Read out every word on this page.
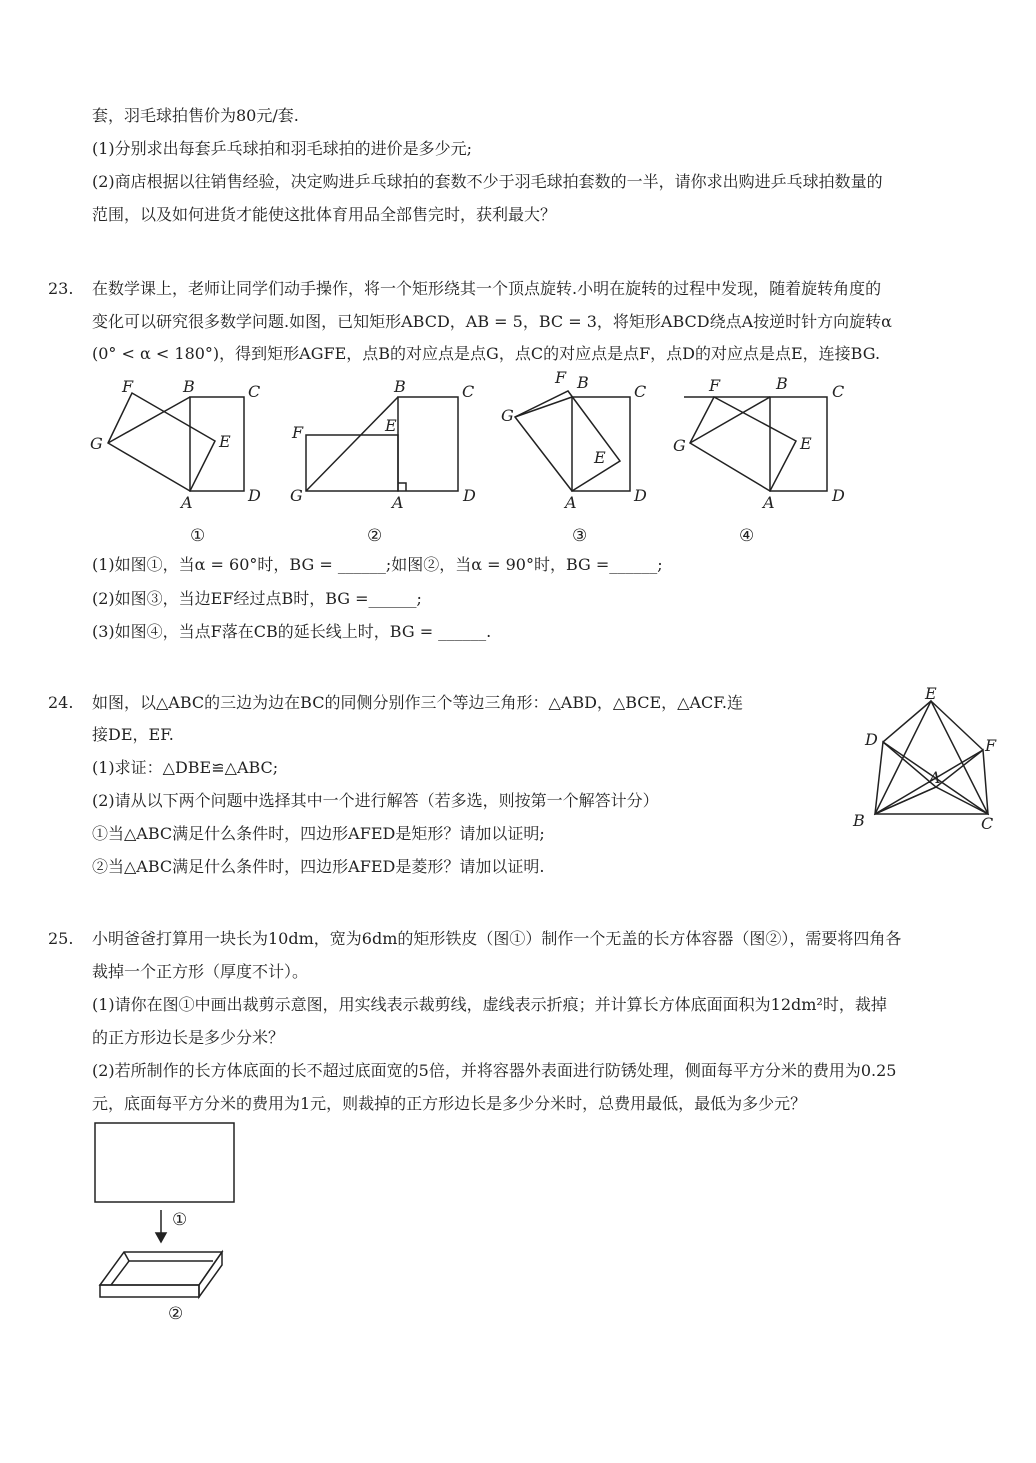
套，羽毛球拍售价为80元/套.
(1)分别求出每套乒乓球拍和羽毛球拍的进价是多少元;
(2)商店根据以往销售经验，决定购进乒乓球拍的套数不少于羽毛球拍套数的一半，请你求出购进乒乓球拍数量的
范围，以及如何进货才能使这批体育用品全部售完时，获利最大？
23. 在数学课上，老师让同学们动手操作，将一个矩形绕其一个顶点旋转.小明在旋转的过程中发现，随着旋转角度的
变化可以研究很多数学问题.如图，已知矩形ABCD，AB = 5，BC = 3，将矩形ABCD绕点A按逆时针方向旋转α
(0° < α < 180°)，得到矩形AGFE，点B的对应点是点G，点C的对应点是点F，点D的对应点是点E，连接BG.
F	B	C
G	E
A	D
①
B	C
F	E
G	A	D
②
F B	C
G
E
A	D
③
F	B	C
G	E
A	D
④
(1)如图①，当α = 60°时，BG = ______;如图②，当α = 90°时，BG =______;
(2)如图③，当边EF经过点B时，BG =______;
(3)如图④，当点F落在CB的延长线上时，BG = ______.
24. 如图，以△ABC的三边为边在BC的同侧分别作三个等边三角形：△ABD，△BCE，△ACF.连
接DE，EF.
(1)求证：△DBE≌△ABC;
(2)请从以下两个问题中选择其中一个进行解答（若多选，则按第一个解答计分）
①当△ABC满足什么条件时，四边形AFED是矩形？请加以证明;
②当△ABC满足什么条件时，四边形AFED是菱形？请加以证明.
E
D	F
A
B	C
25. 小明爸爸打算用一块长为10dm，宽为6dm的矩形铁皮（图①）制作一个无盖的长方体容器（图②），需要将四角各
裁掉一个正方形（厚度不计）。
(1)请你在图①中画出裁剪示意图，用实线表示裁剪线，虚线表示折痕；并计算长方体底面面积为12dm²时，裁掉
的正方形边长是多少分米？
(2)若所制作的长方体底面的长不超过底面宽的5倍，并将容器外表面进行防锈处理，侧面每平方分米的费用为0.25
元，底面每平方分米的费用为1元，则裁掉的正方形边长是多少分米时，总费用最低，最低为多少元？
①
②
